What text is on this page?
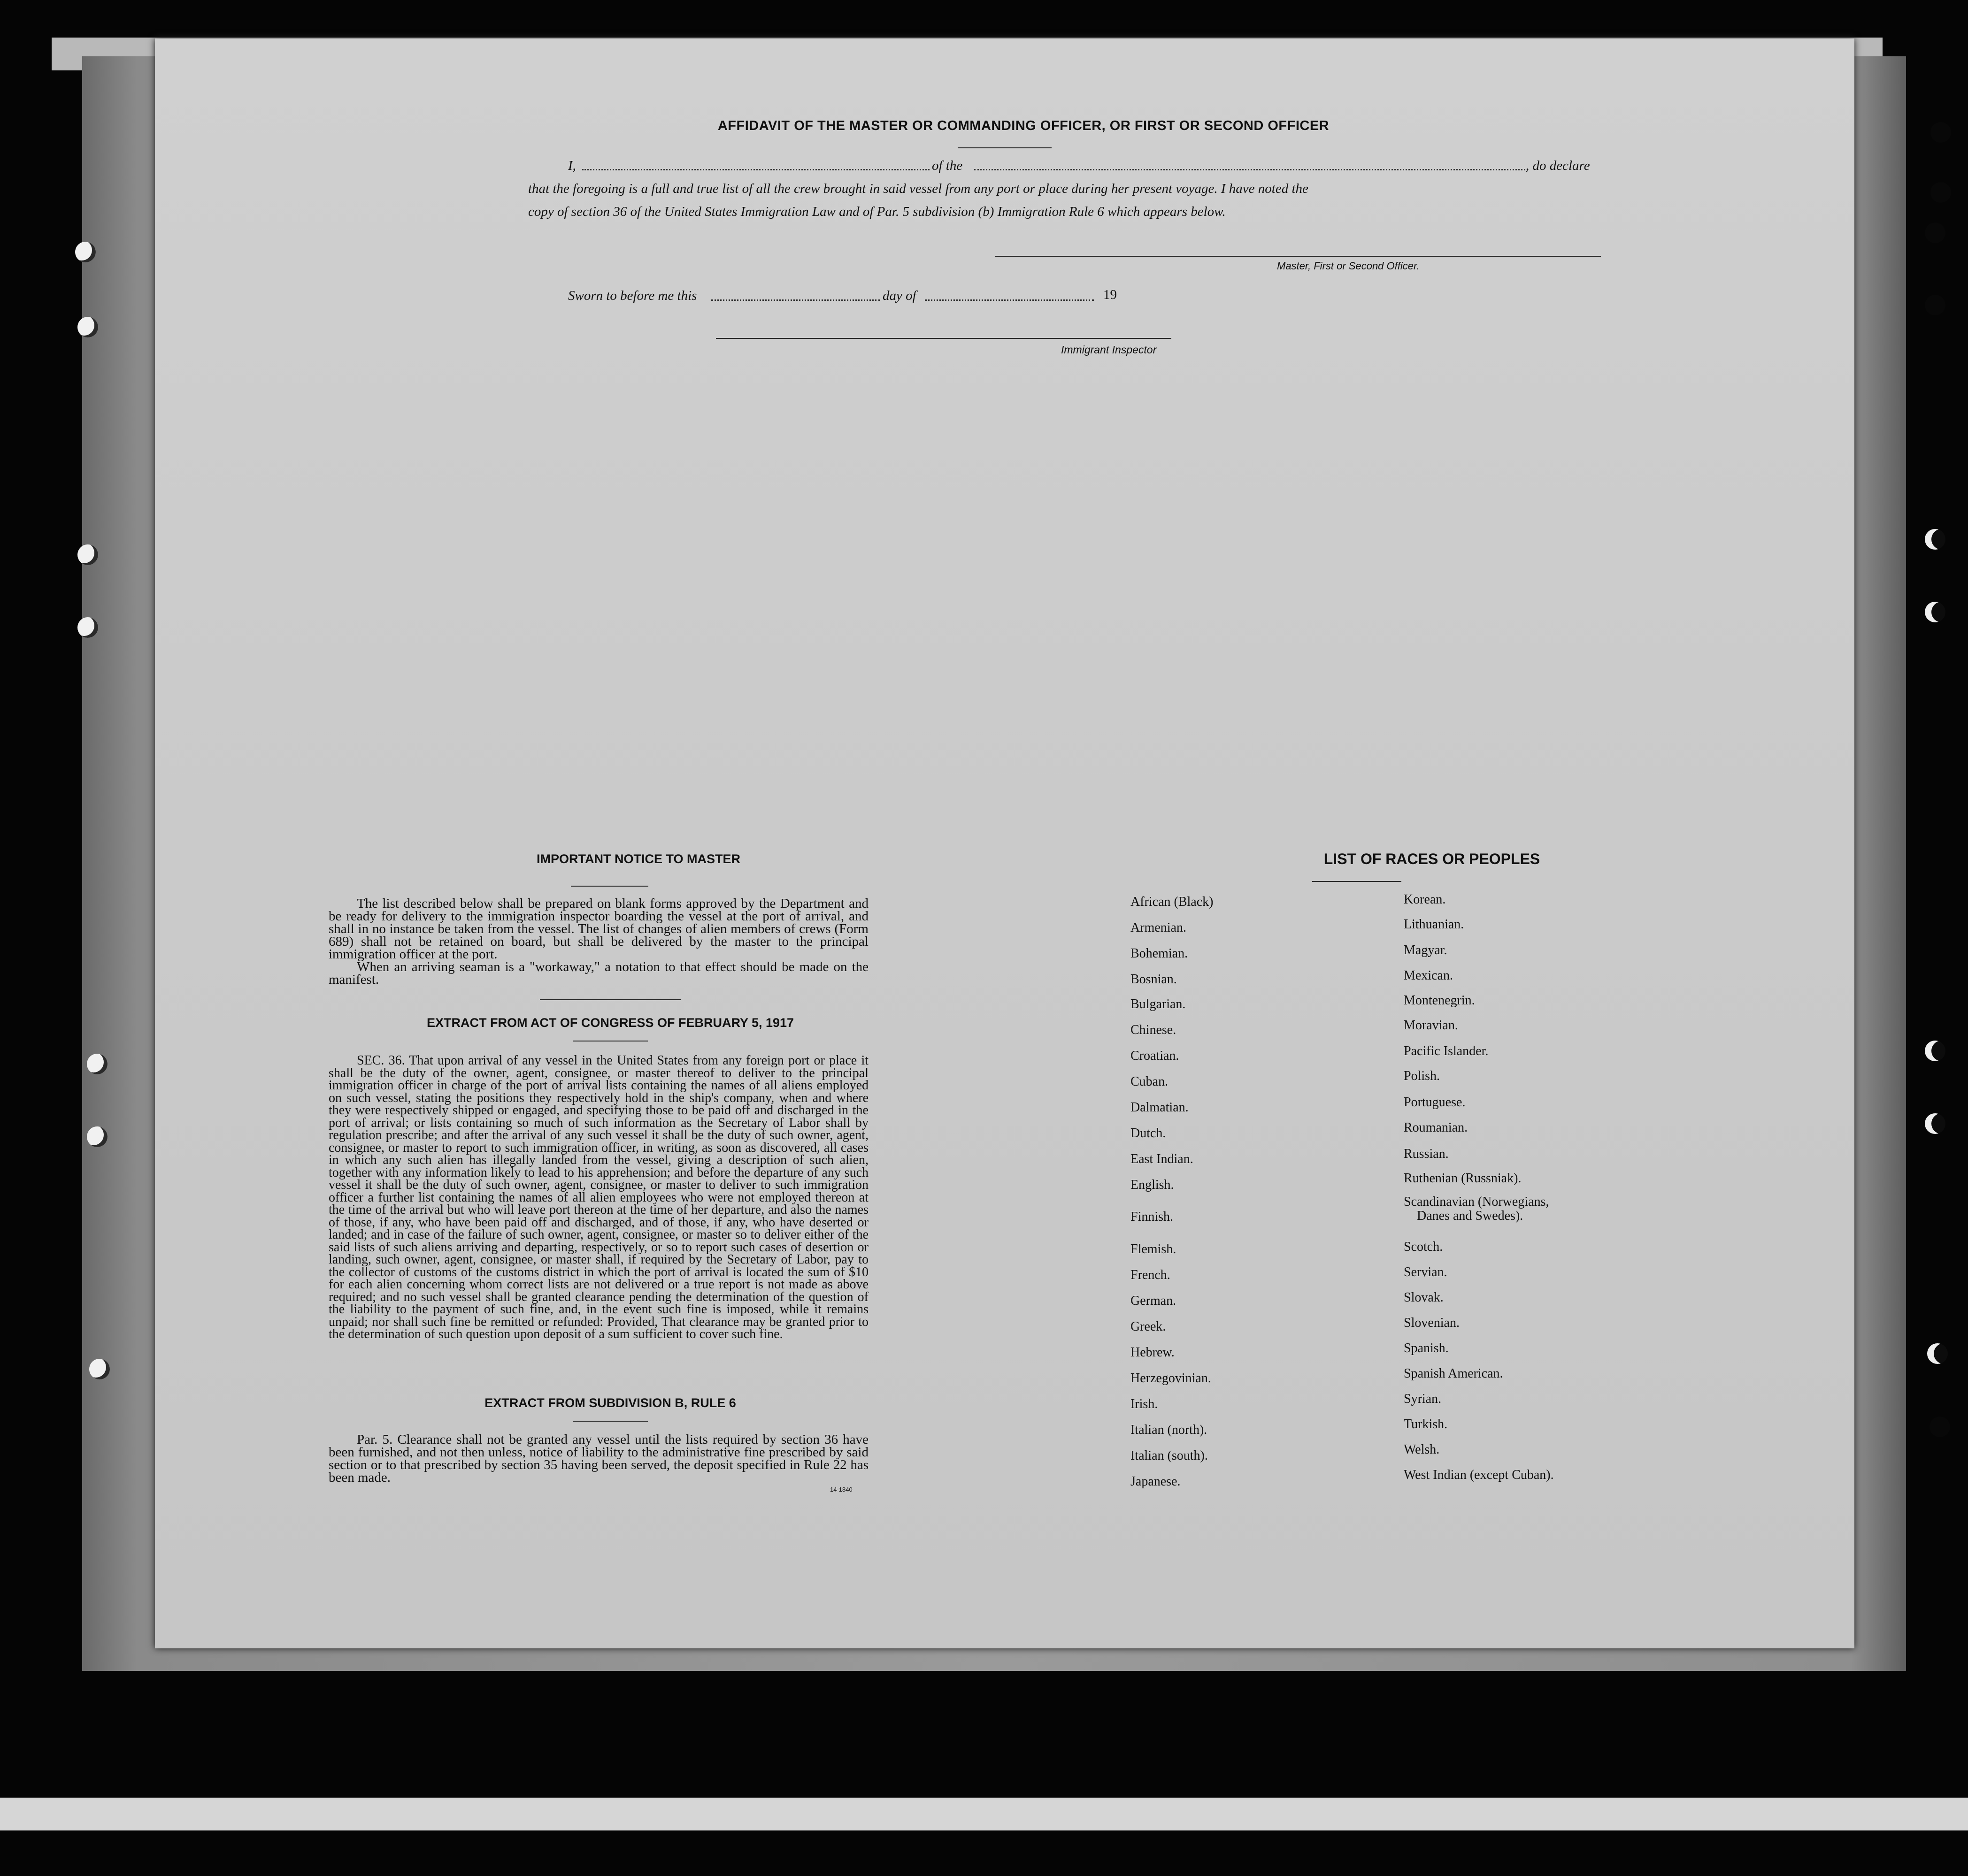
AFFIDAVIT OF THE MASTER OR COMMANDING OFFICER, OR FIRST OR SECOND OFFICER
I,	of the	, do declare
that the foregoing is a full and true list of all the crew brought in said vessel from any port or place during her present voyage. I have noted the
copy of section 36 of the United States Immigration Law and of Par. 5 subdivision (b) Immigration Rule 6 which appears below.
Master, First or Second Officer.
Sworn to before me this	day of	19
Immigrant Inspector
IMPORTANT NOTICE TO MASTER
The list described below shall be prepared on blank forms approved by the Department and be ready for delivery to the immigration inspector boarding the vessel at the port of arrival, and shall in no instance be taken from the vessel. The list of changes of alien members of crews (Form 689) shall not be retained on board, but shall be delivered by the master to the principal immigration officer at the port.
When an arriving seaman is a "workaway," a notation to that effect should be made on the manifest.
EXTRACT FROM ACT OF CONGRESS OF FEBRUARY 5, 1917
SEC. 36. That upon arrival of any vessel in the United States from any foreign port or place it shall be the duty of the owner, agent, consignee, or master thereof to deliver to the principal immigration officer in charge of the port of arrival lists containing the names of all aliens employed on such vessel, stating the positions they respectively hold in the ship's company, when and where they were respectively shipped or engaged, and specifying those to be paid off and discharged in the port of arrival; or lists containing so much of such information as the Secretary of Labor shall by regulation prescribe; and after the arrival of any such vessel it shall be the duty of such owner, agent, consignee, or master to report to such immigration officer, in writing, as soon as discovered, all cases in which any such alien has illegally landed from the vessel, giving a description of such alien, together with any information likely to lead to his apprehension; and before the departure of any such vessel it shall be the duty of such owner, agent, consignee, or master to deliver to such immigration officer a further list containing the names of all alien employees who were not employed thereon at the time of the arrival but who will leave port thereon at the time of her departure, and also the names of those, if any, who have been paid off and discharged, and of those, if any, who have deserted or landed; and in case of the failure of such owner, agent, consignee, or master so to deliver either of the said lists of such aliens arriving and departing, respectively, or so to report such cases of desertion or landing, such owner, agent, consignee, or master shall, if required by the Secretary of Labor, pay to the collector of customs of the customs district in which the port of arrival is located the sum of $10 for each alien concerning whom correct lists are not delivered or a true report is not made as above required; and no such vessel shall be granted clearance pending the determination of the question of the liability to the payment of such fine, and, in the event such fine is imposed, while it remains unpaid; nor shall such fine be remitted or refunded: Provided, That clearance may be granted prior to the determination of such question upon deposit of a sum sufficient to cover such fine.
EXTRACT FROM SUBDIVISION B, RULE 6
Par. 5. Clearance shall not be granted any vessel until the lists required by section 36 have been furnished, and not then unless, notice of liability to the administrative fine prescribed by said section or to that prescribed by section 35 having been served, the deposit specified in Rule 22 has been made.
14-1840
LIST OF RACES OR PEOPLES
African (Black)
Armenian.
Bohemian.
Bosnian.
Bulgarian.
Chinese.
Croatian.
Cuban.
Dalmatian.
Dutch.
East Indian.
English.
Finnish.
Flemish.
French.
German.
Greek.
Hebrew.
Herzegovinian.
Irish.
Italian (north).
Italian (south).
Japanese.
Korean.
Lithuanian.
Magyar.
Mexican.
Montenegrin.
Moravian.
Pacific Islander.
Polish.
Portuguese.
Roumanian.
Russian.
Ruthenian (Russniak).
Scandinavian (Norwegians,
Danes and Swedes).
Scotch.
Servian.
Slovak.
Slovenian.
Spanish.
Spanish American.
Syrian.
Turkish.
Welsh.
West Indian (except Cuban).
